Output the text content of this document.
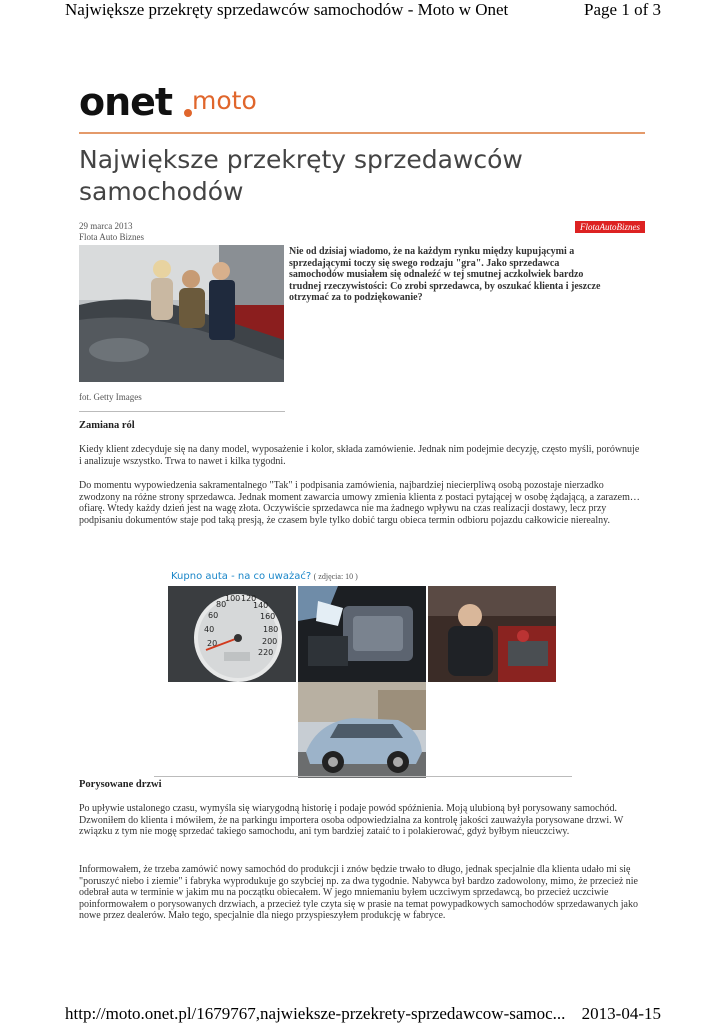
Największe przekręty sprzedawców samochodów - Moto w Onet	Page 1 of 3
onet moto
Największe przekręty sprzedawców samochodów
29 marca 2013
Flota Auto Biznes
FlotaAutoBiznes
fot. Getty Images

Nie od dzisiaj wiadomo, że na każdym rynku między kupującymi a sprzedającymi toczy się swego rodzaju "gra". Jako sprzedawca samochodów musiałem się odnaleźć w tej smutnej aczkolwiek bardzo trudnej rzeczywistości: Co zrobi sprzedawca, by oszukać klienta i jeszcze otrzymać za to podziękowanie?

Zamiana ról

Kiedy klient zdecyduje się na dany model, wyposażenie i kolor, składa zamówienie. Jednak nim podejmie decyzję, często myśli, porównuje i analizuje wszystko. Trwa to nawet i kilka tygodni.

Do momentu wypowiedzenia sakramentalnego "Tak" i podpisania zamówienia, najbardziej niecierpliwą osobą pozostaje nierzadko zwodzony na różne strony sprzedawca. Jednak moment zawarcia umowy zmienia klienta z postaci pytającej w osobę żądającą, a zarazem… ofiarę. Wtedy każdy dzień jest na wagę złota. Oczywiście sprzedawca nie ma żadnego wpływu na czas realizacji dostawy, lecz przy podpisaniu dokumentów staje pod taką presją, że czasem byle tylko dobić targu obieca termin odbioru pojazdu całkowicie nierealny.

Kupno auta - na co uważać? ( zdjęcia: 10 )
20
40
60
80
100 120
140
160
180
200
220
Porysowane drzwi

Po upływie ustalonego czasu, wymyśla się wiarygodną historię i podaje powód spóźnienia. Moją ulubioną był porysowany samochód. Dzwoniłem do klienta i mówiłem, że na parkingu importera osoba odpowiedzialna za kontrolę jakości zauważyła porysowane drzwi. W związku z tym nie mogę sprzedać takiego samochodu, ani tym bardziej zataić to i polakierować, gdyż byłbym nieuczciwy.

Informowałem, że trzeba zamówić nowy samochód do produkcji i znów będzie trwało to długo, jednak specjalnie dla klienta udało mi się "poruszyć niebo i ziemie" i fabryka wyprodukuje go szybciej np. za dwa tygodnie. Nabywca był bardzo zadowolony, mimo, że przecież nie odebrał auta w terminie w jakim mu na początku obiecałem. W jego mniemaniu byłem uczciwym sprzedawcą, bo przecież uczciwie poinformowałem o porysowanych drzwiach, a przecież tyle czyta się w prasie na temat powypadkowych samochodów sprzedawanych jako nowe przez dealerów. Mało tego, specjalnie dla niego przyspieszyłem produkcję w fabryce.

http://moto.onet.pl/1679767,najwieksze-przekrety-sprzedawcow-samoc... 2013-04-15
